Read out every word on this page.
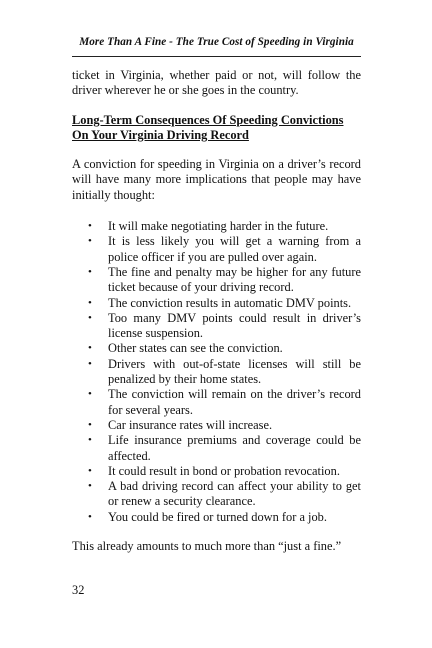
More Than A Fine - The True Cost of Speeding in Virginia

ticket in Virginia, whether paid or not, will follow the driver wherever he or she goes in the country.

Long-Term Consequences Of Speeding Convictions On Your Virginia Driving Record

A conviction for speeding in Virginia on a driver’s record will have many more implications that people may have initially thought:

• It will make negotiating harder in the future.
• It is less likely you will get a warning from a police officer if you are pulled over again.
• The fine and penalty may be higher for any future ticket because of your driving record.
• The conviction results in automatic DMV points.
• Too many DMV points could result in driver’s license suspension.
• Other states can see the conviction.
• Drivers with out-of-state licenses will still be penalized by their home states.
• The conviction will remain on the driver’s record for several years.
• Car insurance rates will increase.
• Life insurance premiums and coverage could be affected.
• It could result in bond or probation revocation.
• A bad driving record can affect your ability to get or renew a security clearance.
• You could be fired or turned down for a job.

This already amounts to much more than “just a fine.”

32
